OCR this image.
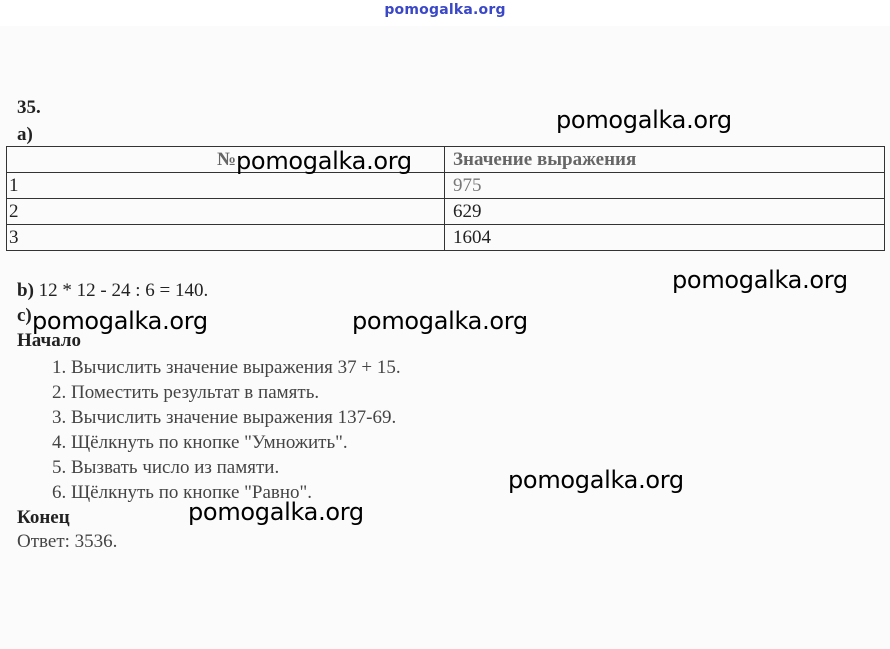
pomogalka.org
35.
a)
№	Значение выражения
1	975
2	629
3	1604
b) 12 * 12 - 24 : 6 = 140.
c)
Начало
1. Вычислить значение выражения 37 + 15.
2. Поместить результат в память.
3. Вычислить значение выражения 137-69.
4. Щёлкнуть по кнопке "Умножить".
5. Вызвать число из памяти.
6. Щёлкнуть по кнопке "Равно".
Конец
Ответ: 3536.
pomogalka.org
pomogalka.org
pomogalka.org
pomogalka.org	pomogalka.org
pomogalka.org
pomogalka.org
